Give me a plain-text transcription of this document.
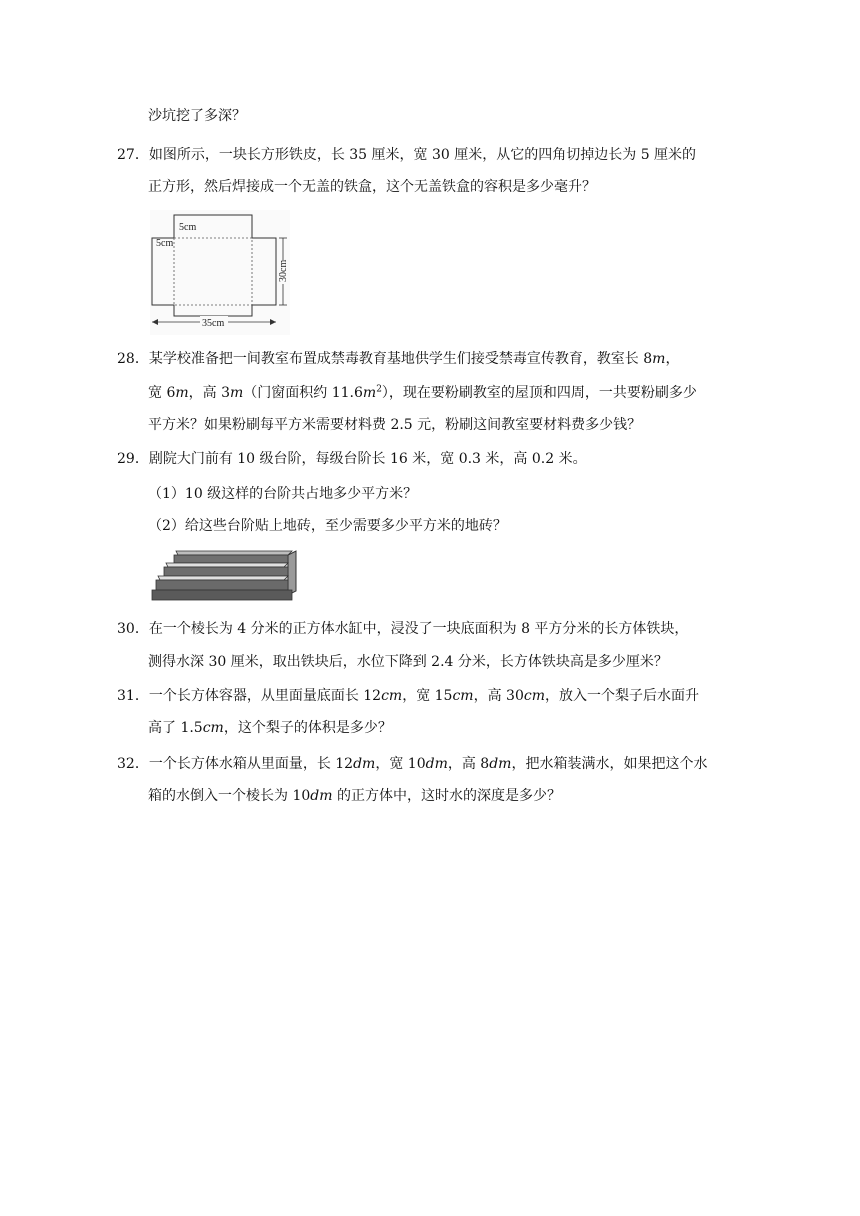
沙坑挖了多深？
27．如图所示，一块长方形铁皮，长 35 厘米，宽 30 厘米，从它的四角切掉边长为 5 厘米的
正方形，然后焊接成一个无盖的铁盒，这个无盖铁盒的容积是多少毫升？
5cm
5cm
30cm
35cm
28．某学校准备把一间教室布置成禁毒教育基地供学生们接受禁毒宣传教育，教室长 8m，
宽 6m，高 3m（门窗面积约 $11.6m^2$），现在要粉刷教室的屋顶和四周，一共要粉刷多少
平方米？如果粉刷每平方米需要材料费 2.5 元，粉刷这间教室要材料费多少钱？
29．剧院大门前有 10 级台阶，每级台阶长 16 米，宽 0.3 米，高 0.2 米。
（1）10 级这样的台阶共占地多少平方米？
（2）给这些台阶贴上地砖，至少需要多少平方米的地砖？
30．在一个棱长为 4 分米的正方体水缸中，浸没了一块底面积为 8 平方分米的长方体铁块，
测得水深 30 厘米，取出铁块后，水位下降到 2.4 分米，长方体铁块高是多少厘米？
31．一个长方体容器，从里面量底面长 12cm，宽 15cm，高 30cm，放入一个梨子后水面升
高了 1.5cm，这个梨子的体积是多少？
32．一个长方体水箱从里面量，长 12dm，宽 10dm，高 8dm，把水箱装满水，如果把这个水
箱的水倒入一个棱长为 10dm 的正方体中，这时水的深度是多少？
